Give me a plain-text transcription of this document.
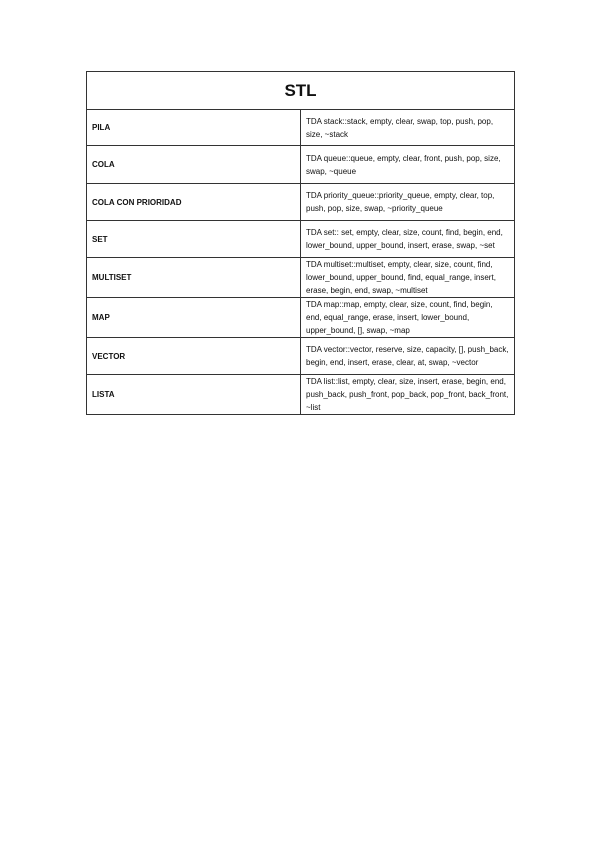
STL	
PILA	TDA stack::stack, empty, clear, swap, top, push, pop, size, ~stack
COLA	TDA queue::queue, empty, clear, front, push, pop, size, swap, ~queue
COLA CON PRIORIDAD	TDA priority_queue::priority_queue, empty, clear, top, push, pop, size, swap, ~priority_queue
SET	TDA set:: set, empty, clear, size, count, find, begin, end, lower_bound, upper_bound, insert, erase, swap, ~set
MULTISET	TDA multiset::multiset, empty, clear, size, count, find, lower_bound, upper_bound, find, equal_range, insert, erase, begin, end, swap, ~multiset
MAP	TDA map::map, empty, clear, size, count, find, begin, end, equal_range, erase, insert, lower_bound, upper_bound, [], swap, ~map
VECTOR	TDA vector::vector, reserve, size, capacity, [], push_back, begin, end, insert, erase, clear, at, swap, ~vector
LISTA	TDA list::list, empty, clear, size, insert, erase, begin, end, push_back, push_front, pop_back, pop_front, back_front, ~list
